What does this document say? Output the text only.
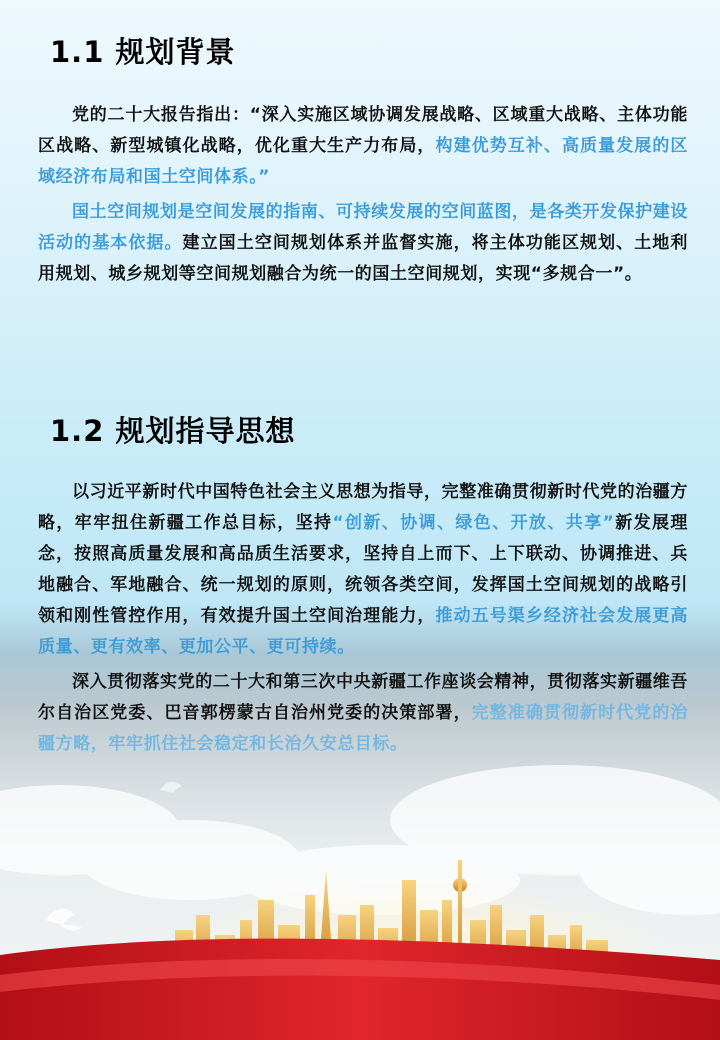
1.1 规划背景

党的二十大报告指出：“深入实施区域协调发展战略、区域重大战略、主体功能区战略、新型城镇化战略，优化重大生产力布局，构建优势互补、高质量发展的区域经济布局和国土空间体系。”

国土空间规划是空间发展的指南、可持续发展的空间蓝图，是各类开发保护建设活动的基本依据。建立国土空间规划体系并监督实施，将主体功能区规划、土地利用规划、城乡规划等空间规划融合为统一的国土空间规划，实现“多规合一”。

1.2 规划指导思想

以习近平新时代中国特色社会主义思想为指导，完整准确贯彻新时代党的治疆方略，牢牢扭住新疆工作总目标，坚持“创新、协调、绿色、开放、共享”新发展理念，按照高质量发展和高品质生活要求，坚持自上而下、上下联动、协调推进、兵地融合、军地融合、统一规划的原则，统领各类空间，发挥国土空间规划的战略引领和刚性管控作用，有效提升国土空间治理能力，推动五号渠乡经济社会发展更高质量、更有效率、更加公平、更可持续。

深入贯彻落实党的二十大和第三次中央新疆工作座谈会精神，贯彻落实新疆维吾尔自治区党委、巴音郭楞蒙古自治州党委的决策部署，完整准确贯彻新时代党的治疆方略，牢牢抓住社会稳定和长治久安总目标。
